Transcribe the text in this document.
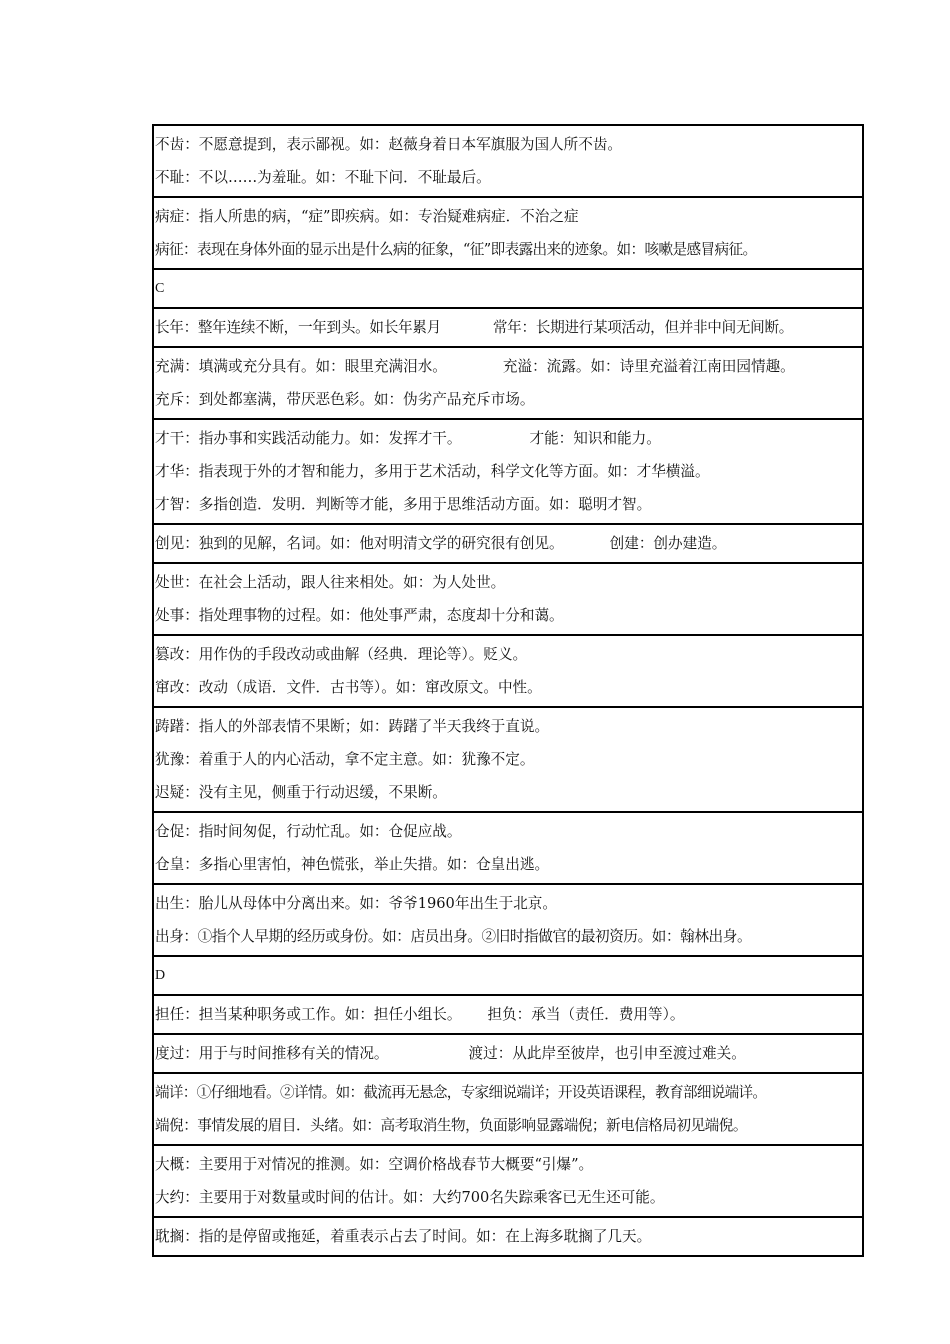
不齿：不愿意提到，表示鄙视。如：赵薇身着日本军旗服为国人所不齿。
不耻：不以……为羞耻。如：不耻下问．不耻最后。
病症：指人所患的病，“症”即疾病。如：专治疑难病症．不治之症
病征：表现在身体外面的显示出是什么病的征象，“征”即表露出来的迹象。如：咳嗽是感冒病征。
C
长年：整年连续不断，一年到头。如长年累月	常年：长期进行某项活动，但并非中间无间断。
充满：填满或充分具有。如：眼里充满泪水。	充溢：流露。如：诗里充溢着江南田园情趣。
充斥：到处都塞满，带厌恶色彩。如：伪劣产品充斥市场。
才干：指办事和实践活动能力。如：发挥才干。	才能：知识和能力。
才华：指表现于外的才智和能力，多用于艺术活动，科学文化等方面。如：才华横溢。
才智：多指创造．发明．判断等才能，多用于思维活动方面。如：聪明才智。
创见：独到的见解，名词。如：他对明清文学的研究很有创见。	创建：创办建造。
处世：在社会上活动，跟人往来相处。如：为人处世。
处事：指处理事物的过程。如：他处事严肃，态度却十分和蔼。
篡改：用作伪的手段改动或曲解（经典．理论等）。贬义。
窜改：改动（成语．文件．古书等）。如：窜改原文。中性。
踌躇：指人的外部表情不果断；如：踌躇了半天我终于直说。
犹豫：着重于人的内心活动，拿不定主意。如：犹豫不定。
迟疑：没有主见，侧重于行动迟缓，不果断。
仓促：指时间匆促，行动忙乱。如：仓促应战。
仓皇：多指心里害怕，神色慌张，举止失措。如：仓皇出逃。
出生：胎儿从母体中分离出来。如：爷爷1960年出生于北京。
出身：①指个人早期的经历或身份。如：店员出身。②旧时指做官的最初资历。如：翰林出身。
D
担任：担当某种职务或工作。如：担任小组长。 担负：承当（责任．费用等）。
度过：用于与时间推移有关的情况。	渡过：从此岸至彼岸，也引申至渡过难关。
端详：①仔细地看。②详情。如：截流再无悬念，专家细说端详；开设英语课程，教育部细说端详。
端倪：事情发展的眉目．头绪。如：高考取消生物，负面影响显露端倪；新电信格局初见端倪。
大概：主要用于对情况的推测。如：空调价格战春节大概要“引爆”。
大约：主要用于对数量或时间的估计。如：大约700名失踪乘客已无生还可能。
耽搁：指的是停留或拖延，着重表示占去了时间。如：在上海多耽搁了几天。
